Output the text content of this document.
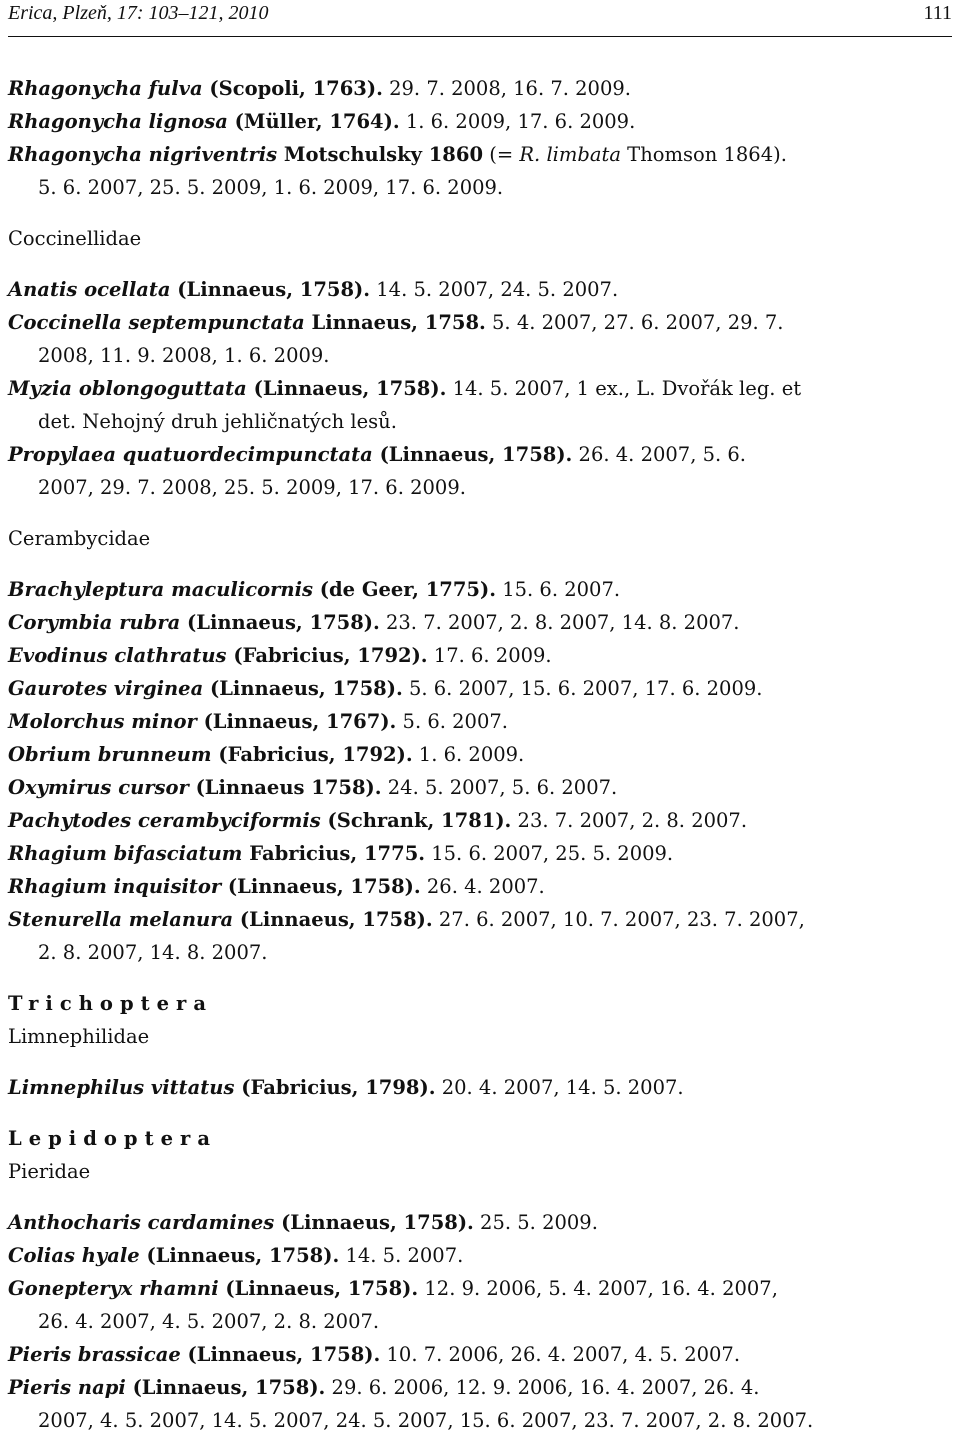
Erica, Plzeň, 17: 103–121, 2010	111
Rhagonycha fulva (Scopoli, 1763). 29. 7. 2008, 16. 7. 2009.
Rhagonycha lignosa (Müller, 1764). 1. 6. 2009, 17. 6. 2009.
Rhagonycha nigriventris Motschulsky 1860 (= R. limbata Thomson 1864).
5. 6. 2007, 25. 5. 2009, 1. 6. 2009, 17. 6. 2009.
Coccinellidae
Anatis ocellata (Linnaeus, 1758). 14. 5. 2007, 24. 5. 2007.
Coccinella septempunctata Linnaeus, 1758. 5. 4. 2007, 27. 6. 2007, 29. 7.
2008, 11. 9. 2008, 1. 6. 2009.
Myzia oblongoguttata (Linnaeus, 1758). 14. 5. 2007, 1 ex., L. Dvořák leg. et
det. Nehojný druh jehličnatých lesů.
Propylaea quatuordecimpunctata (Linnaeus, 1758). 26. 4. 2007, 5. 6.
2007, 29. 7. 2008, 25. 5. 2009, 17. 6. 2009.
Cerambycidae
Brachyleptura maculicornis (de Geer, 1775). 15. 6. 2007.
Corymbia rubra (Linnaeus, 1758). 23. 7. 2007, 2. 8. 2007, 14. 8. 2007.
Evodinus clathratus (Fabricius, 1792). 17. 6. 2009.
Gaurotes virginea (Linnaeus, 1758). 5. 6. 2007, 15. 6. 2007, 17. 6. 2009.
Molorchus minor (Linnaeus, 1767). 5. 6. 2007.
Obrium brunneum (Fabricius, 1792). 1. 6. 2009.
Oxymirus cursor (Linnaeus 1758). 24. 5. 2007, 5. 6. 2007.
Pachytodes cerambyciformis (Schrank, 1781). 23. 7. 2007, 2. 8. 2007.
Rhagium bifasciatum Fabricius, 1775. 15. 6. 2007, 25. 5. 2009.
Rhagium inquisitor (Linnaeus, 1758). 26. 4. 2007.
Stenurella melanura (Linnaeus, 1758). 27. 6. 2007, 10. 7. 2007, 23. 7. 2007,
2. 8. 2007, 14. 8. 2007.
Trichoptera
Limnephilidae
Limnephilus vittatus (Fabricius, 1798). 20. 4. 2007, 14. 5. 2007.
Lepidoptera
Pieridae
Anthocharis cardamines (Linnaeus, 1758). 25. 5. 2009.
Colias hyale (Linnaeus, 1758). 14. 5. 2007.
Gonepteryx rhamni (Linnaeus, 1758). 12. 9. 2006, 5. 4. 2007, 16. 4. 2007,
26. 4. 2007, 4. 5. 2007, 2. 8. 2007.
Pieris brassicae (Linnaeus, 1758). 10. 7. 2006, 26. 4. 2007, 4. 5. 2007.
Pieris napi (Linnaeus, 1758). 29. 6. 2006, 12. 9. 2006, 16. 4. 2007, 26. 4.
2007, 4. 5. 2007, 14. 5. 2007, 24. 5. 2007, 15. 6. 2007, 23. 7. 2007, 2. 8. 2007.
